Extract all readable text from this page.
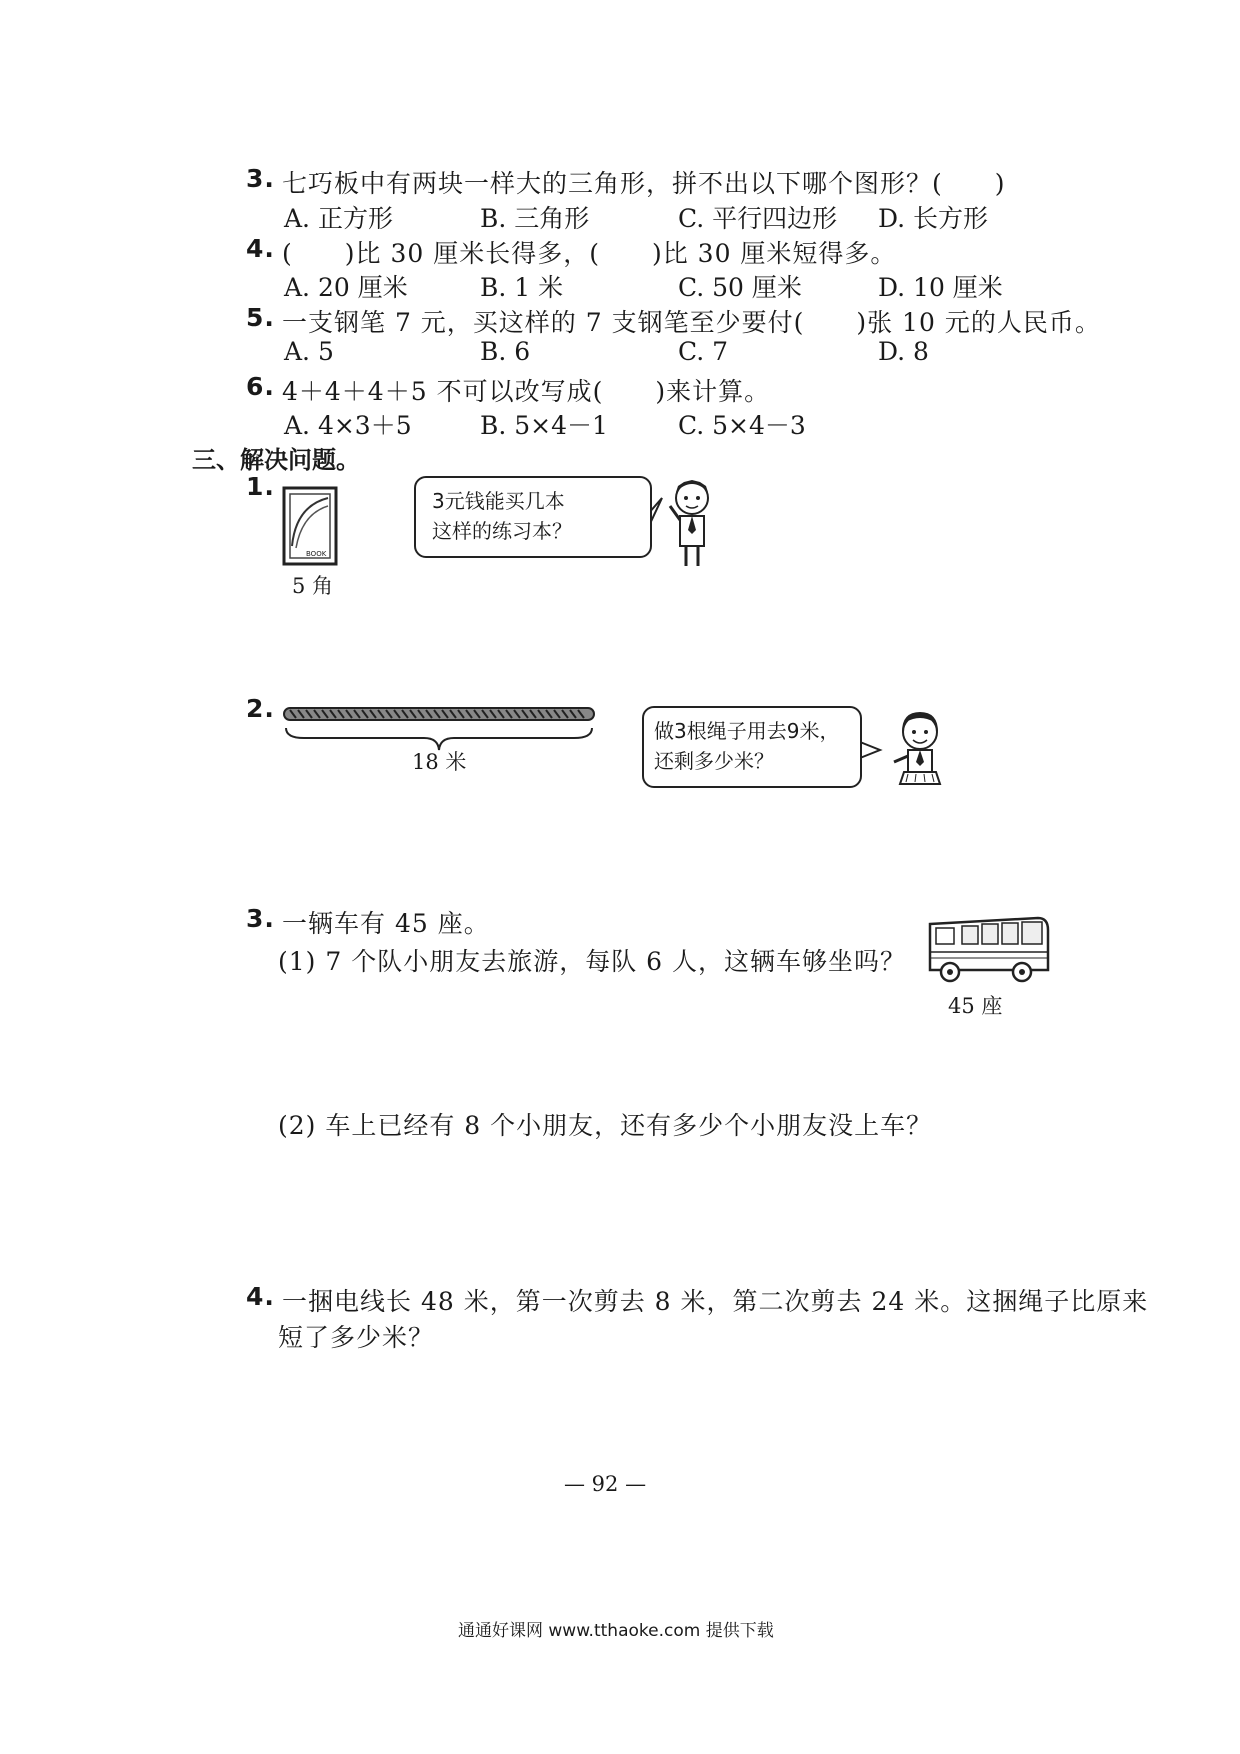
3. 七巧板中有两块一样大的三角形，拼不出以下哪个图形？(　　)
A. 正方形	B. 三角形	C. 平行四边形 D. 长方形
4. (　　)比 30 厘米长得多，(　　)比 30 厘米短得多。
A. 20 厘米	B. 1 米	C. 50 厘米	D. 10 厘米
5. 一支钢笔 7 元，买这样的 7 支钢笔至少要付(　　)张 10 元的人民币。
A. 5	B. 6	C. 7	D. 8
6. 4＋4＋4＋5 不可以改写成(　　)来计算。
A. 4×3＋5	B. 5×4－1	C. 5×4－3
三、解决问题。
1.
BOOK
5 角
3元钱能买几本
这样的练习本？
2.
18 米
做3根绳子用去9米，
还剩多少米？
3. 一辆车有 45 座。
(1) 7 个队小朋友去旅游，每队 6 人，这辆车够坐吗？
45 座
(2) 车上已经有 8 个小朋友，还有多少个小朋友没上车？
4. 一捆电线长 48 米，第一次剪去 8 米，第二次剪去 24 米。这捆绳子比原来
短了多少米？
— 92 —
通通好课网 www.tthaoke.com 提供下载
